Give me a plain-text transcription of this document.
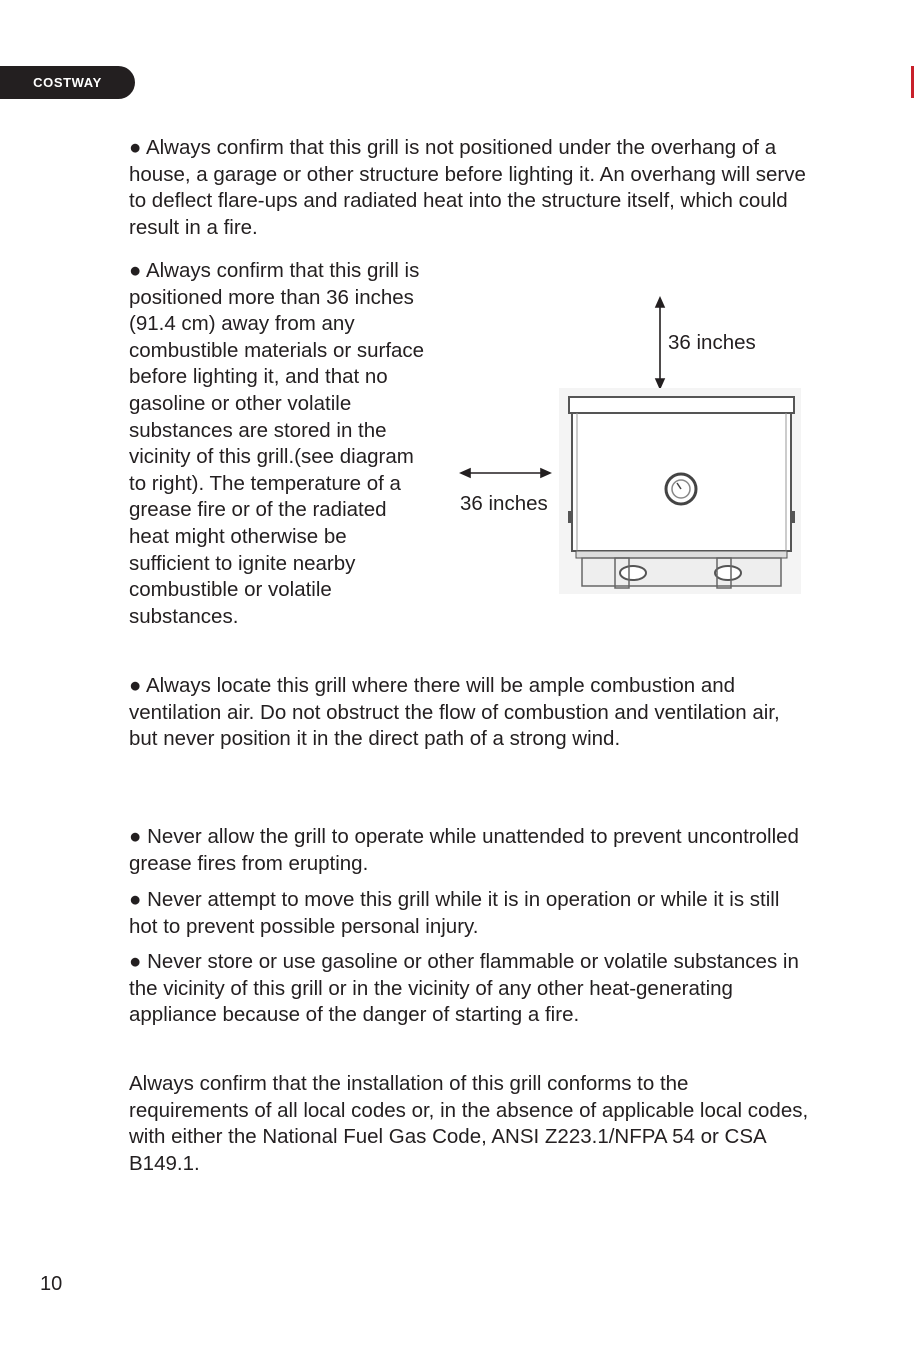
COSTWAY

● Always confirm that this grill is not positioned under the overhang of a house, a garage or other structure before lighting it. An overhang will serve to deflect flare-ups and radiated heat into the structure itself, which could result in a fire.

● Always confirm that this grill is positioned more than 36 inches (91.4 cm) away from any combustible materials or surface before lighting it, and that no gasoline or other volatile substances are stored in the vicinity of this grill.(see diagram to right). The temperature of a grease fire or of the radiated heat might otherwise be sufficient to ignite nearby combustible or volatile substances.

36 inches
36 inches

● Always locate this grill where there will be ample combustion and ventilation air. Do not obstruct the flow of combustion and ventilation air, but never position it in the direct path of a strong wind.

● Never allow the grill to operate while unattended to prevent uncontrolled grease fires from erupting.

● Never attempt to move this grill while it is in operation or while it is still hot to prevent possible personal injury.

● Never store or use gasoline or other flammable or volatile substances in the vicinity of this grill or in the vicinity of any other heat-generating appliance because of the danger of starting a fire.

Always confirm that the installation of this grill conforms to the requirements of all local codes or, in the absence of applicable local codes, with either the National Fuel Gas Code, ANSI Z223.1/NFPA 54 or CSA B149.1.

10
